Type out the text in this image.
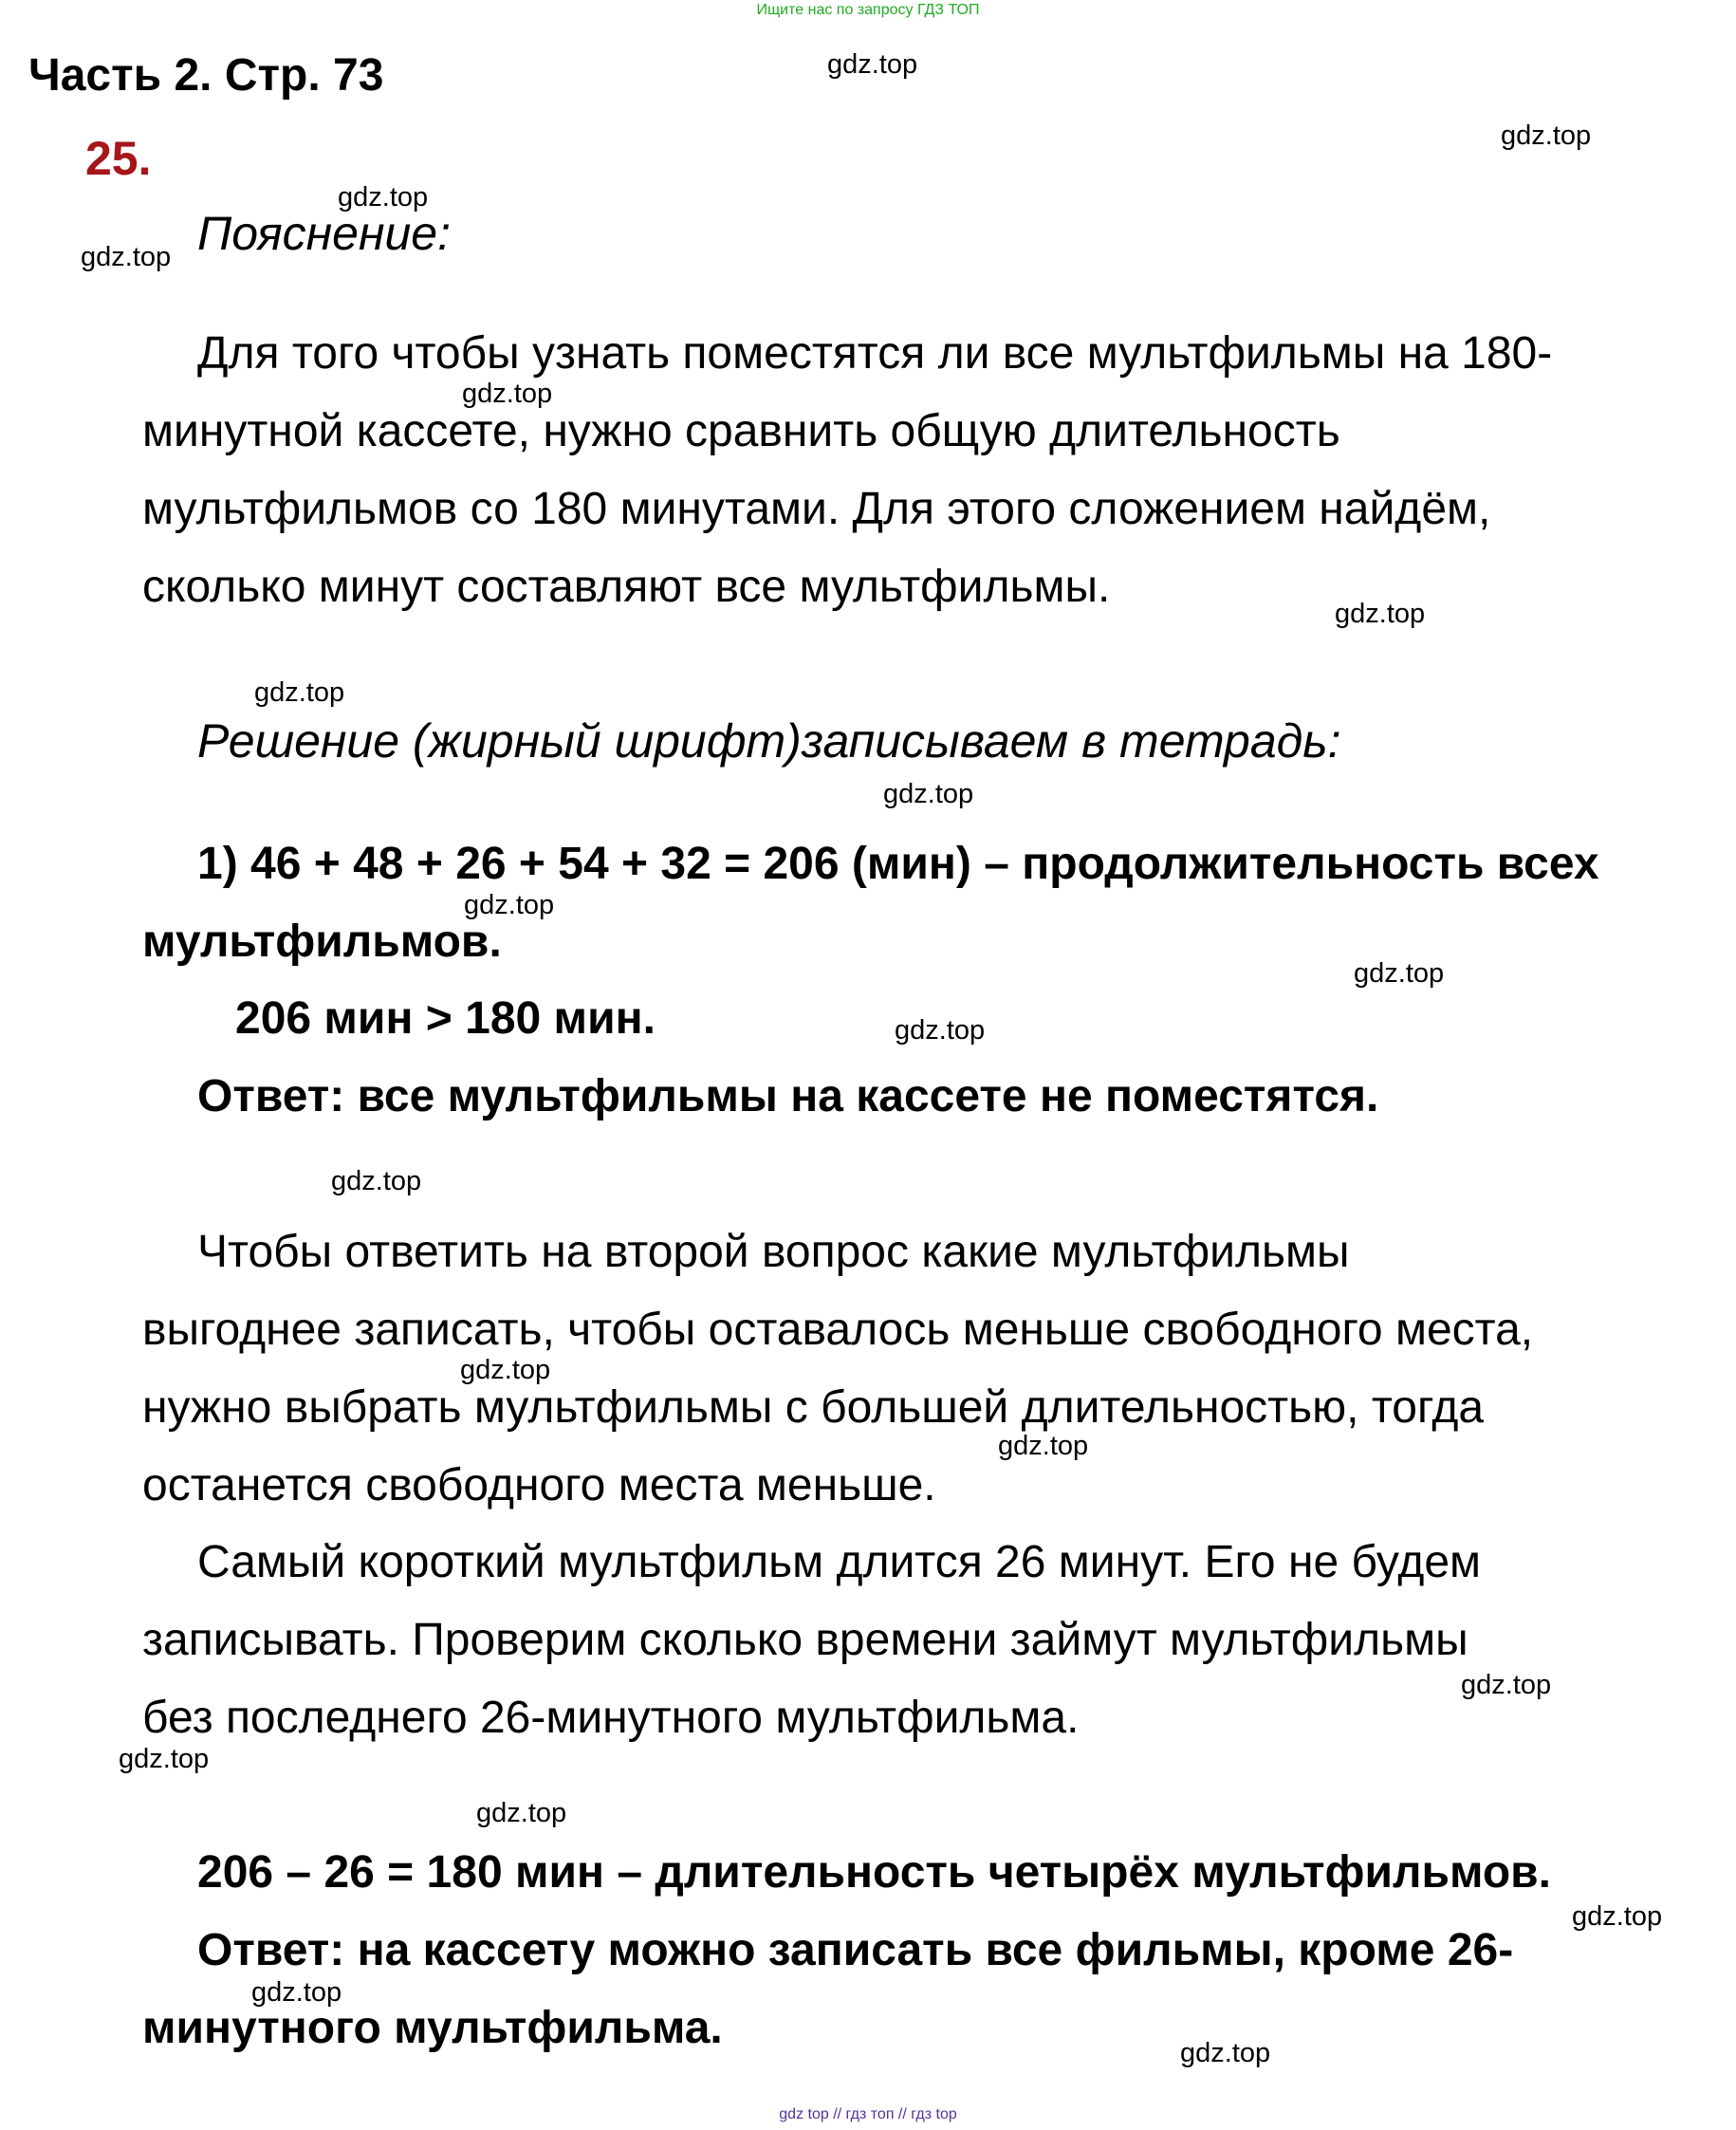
Ищите нас по запросу ГДЗ ТОП
Часть 2. Стр. 73
25.
Пояснение:
Для того чтобы узнать поместятся ли все мультфильмы на 180-
минутной кассете, нужно сравнить общую длительность
мультфильмов со 180 минутами. Для этого сложением найдём,
сколько минут составляют все мультфильмы.
Решение (жирный шрифт)записываем в тетрадь:
1) 46 + 48 + 26 + 54 + 32 = 206 (мин) – продолжительность всех
мультфильмов.
206 мин > 180 мин.
Ответ: все мультфильмы на кассете не поместятся.
Чтобы ответить на второй вопрос какие мультфильмы
выгоднее записать, чтобы оставалось меньше свободного места,
нужно выбрать мультфильмы с большей длительностью, тогда
останется свободного места меньше.
Самый короткий мультфильм длится 26 минут. Его не будем
записывать. Проверим сколько времени займут мультфильмы
без последнего 26-минутного мультфильма.
206 – 26 = 180 мин – длительность четырёх мультфильмов.
Ответ: на кассету можно записать все фильмы, кроме 26-
минутного мультфильма.
gdz.top
gdz.top
gdz.top
gdz.top
gdz.top
gdz.top
gdz.top
gdz.top
gdz.top
gdz.top
gdz.top
gdz.top
gdz.top
gdz.top
gdz.top
gdz.top
gdz.top
gdz.top
gdz.top
gdz.top
gdz top // гдз топ // гдз top
